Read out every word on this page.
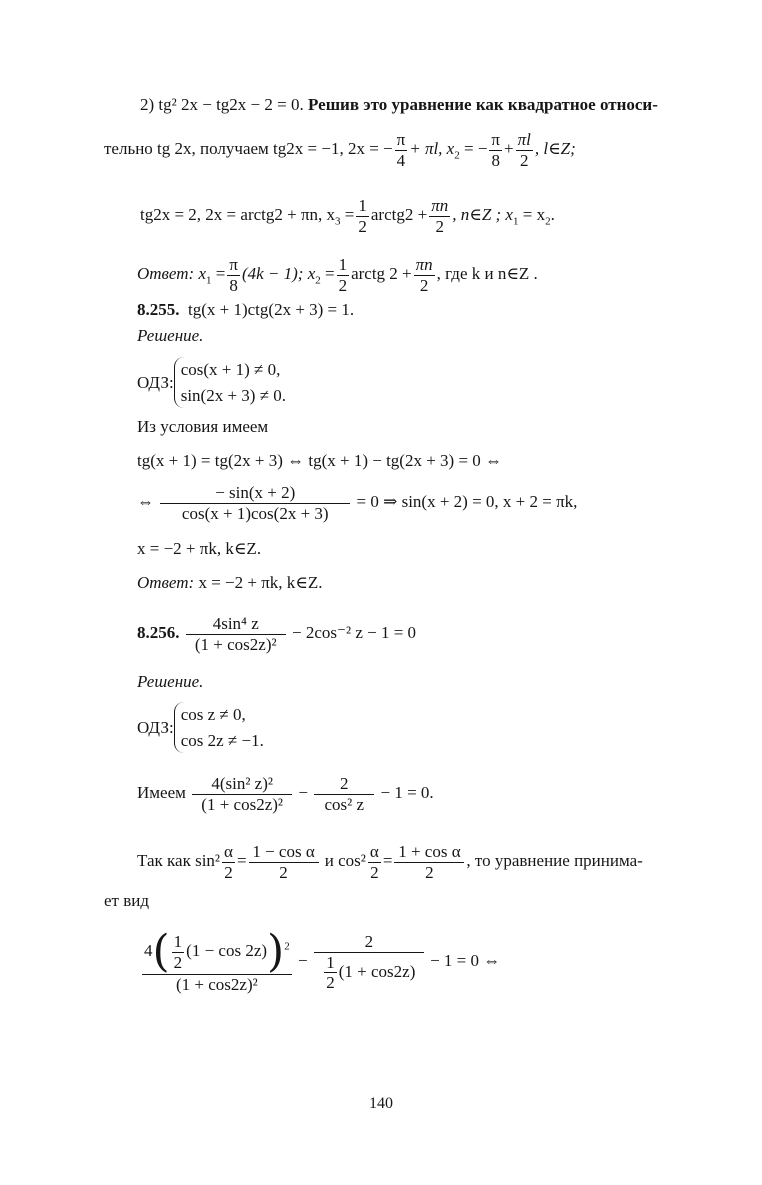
2) tg² 2x − tg2x − 2 = 0. Решив это уравнение как квадратное относи-
тельно tg 2x, получаем tg2x = −1, 2x = − $\frac{\pi}{4} + \pi l$, $x_2$ = − $\frac{\pi}{8} + \frac{\pi l}{2}$ , l∈Z;
tg2x = 2, 2x = arctg2 + πn, $x_3 = \frac{1}{2}$ arctg2 + $\frac{\pi n}{2}$ , n∈Z ; $x_1 = x_2$.
Ответ: $x_1 = \frac{\pi}{8} (4k - 1)$; $x_2 = \frac{1}{2}$ arctg $2 + \frac{\pi n}{2}$ , где k и n∈Z .
8.255. tg(x + 1)ctg(2x + 3) = 1.
Решение.
ОДЗ:
cos(x + 1) ≠ 0,
sin(2x + 3) ≠ 0.
Из условия имеем
tg(x + 1) = tg(2x + 3) ⇔ tg(x + 1) − tg(2x + 3) = 0 ⇔
⇔ $\frac{- \sin(x + 2)}{\cos(x + 1)\cos(2x + 3)} = 0$ ⇒ sin(x + 2) = 0, x + 2 = πk,
x = −2 + πk, k∈Z.
Ответ: x = −2 + πk, k∈Z.
8.256. $\frac{\text{4sin⁴ z}}{\text{(1 + cos2z)²}} - 2\cos^{-2}$ z − 1 = 0
Решение.
ОДЗ:
cos z ≠ 0,
cos 2z ≠ −1.
Имеем $\frac{\text{4(sin² z)²}}{\text{(1 + cos2z)²}} - \frac{2}{\text{cos² z}} - 1 = 0$.
Так как $\sin^2 \frac{\alpha}{2} = \frac{\text{1 − cos α}}{2}$ и $\cos^2 \frac{\alpha}{2} = \frac{\text{1 + cos α}}{2}$ , то уравнение принима-
ет вид
$\frac{4( \frac{1}{2} (1 - \cos 2z))^2}{\text{(1 + cos2z)²}} - \frac{2}{\frac{1}{2} (1 + \cos 2z)} - 1 = 0$ ⇔
140
